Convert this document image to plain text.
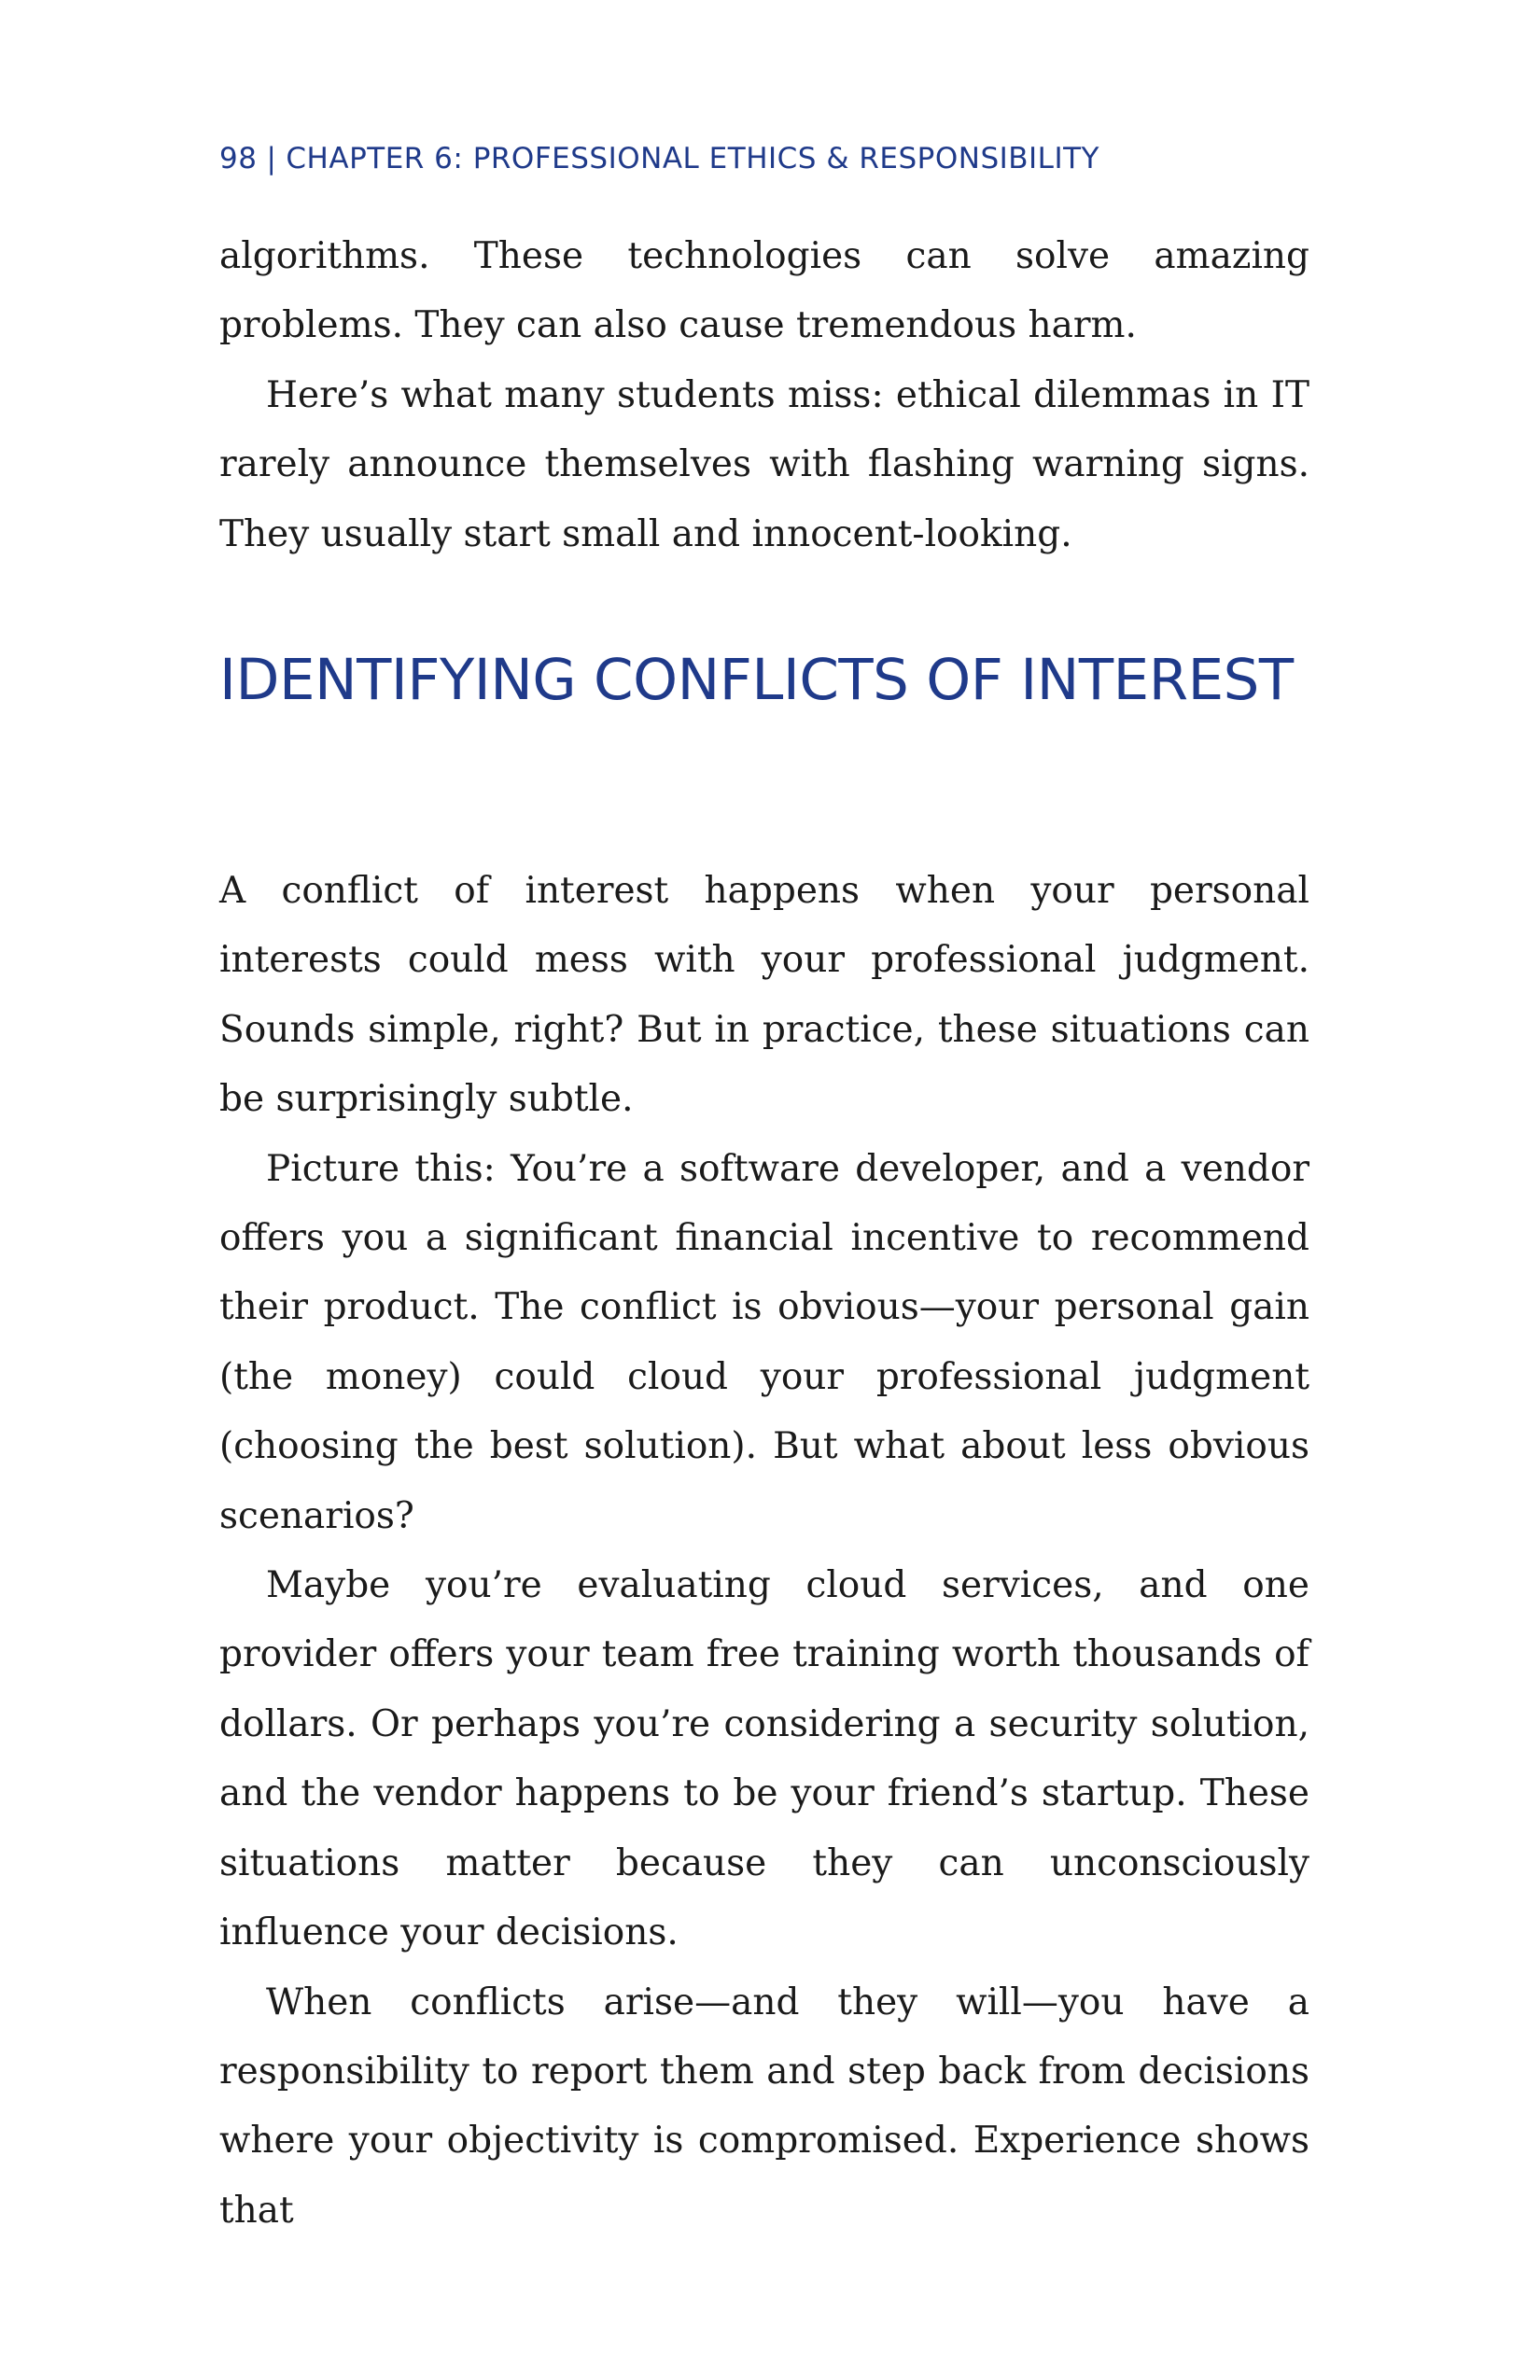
98 | CHAPTER 6: PROFESSIONAL ETHICS & RESPONSIBILITY

algorithms. These technologies can solve amazing problems. They can also cause tremendous harm.

Here’s what many students miss: ethical dilemmas in IT rarely announce themselves with flashing warning signs. They usually start small and innocent-looking.

IDENTIFYING CONFLICTS OF INTEREST

A conflict of interest happens when your personal interests could mess with your professional judgment. Sounds simple, right? But in practice, these situations can be surprisingly subtle.

Picture this: You’re a software developer, and a vendor offers you a significant financial incentive to recommend their product. The conflict is obvious—your personal gain (the money) could cloud your professional judgment (choosing the best solution). But what about less obvious scenarios?

Maybe you’re evaluating cloud services, and one provider offers your team free training worth thousands of dollars. Or perhaps you’re considering a security solution, and the vendor happens to be your friend’s startup. These situations matter because they can unconsciously influence your decisions.

When conflicts arise—and they will—you have a responsibility to report them and step back from decisions where your objectivity is compromised. Experience shows that
